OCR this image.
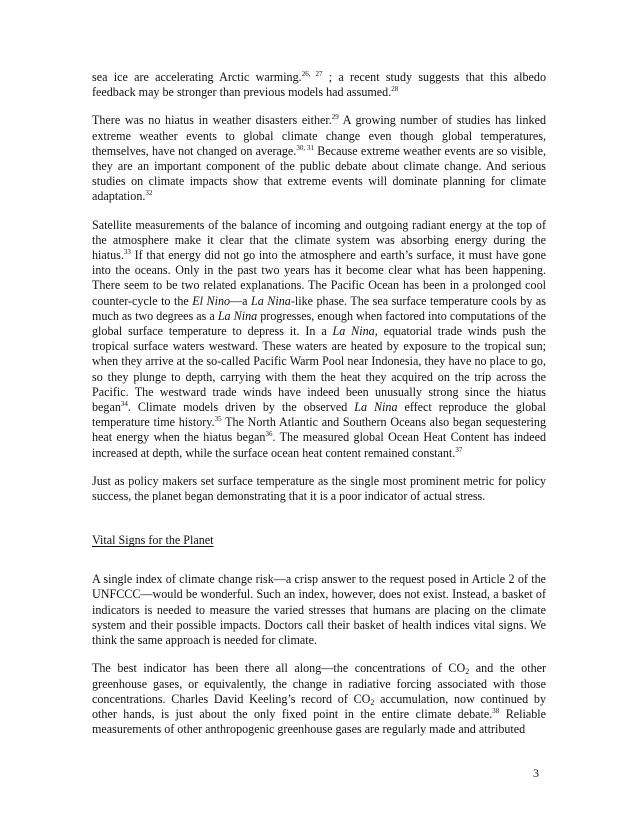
sea ice are accelerating Arctic warming.$^{26, 27}$ ; a recent study suggests that this albedo feedback may be stronger than previous models had assumed.$^{28}$

There was no hiatus in weather disasters either.$^{29}$ A growing number of studies has linked extreme weather events to global climate change even though global temperatures, themselves, have not changed on average.$^{30, 31}$ Because extreme weather events are so visible, they are an important component of the public debate about climate change. And serious studies on climate impacts show that extreme events will dominate planning for climate adaptation.$^{32}$

Satellite measurements of the balance of incoming and outgoing radiant energy at the top of the atmosphere make it clear that the climate system was absorbing energy during the hiatus.$^{33}$ If that energy did not go into the atmosphere and earth’s surface, it must have gone into the oceans. Only in the past two years has it become clear what has been happening. There seem to be two related explanations. The Pacific Ocean has been in a prolonged cool counter-cycle to the El Nino—a La Nina-like phase. The sea surface temperature cools by as much as two degrees as a La Nina progresses, enough when factored into computations of the global surface temperature to depress it. In a La Nina, equatorial trade winds push the tropical surface waters westward. These waters are heated by exposure to the tropical sun; when they arrive at the so-called Pacific Warm Pool near Indonesia, they have no place to go, so they plunge to depth, carrying with them the heat they acquired on the trip across the Pacific. The westward trade winds have indeed been unusually strong since the hiatus began$^{34}$. Climate models driven by the observed La Nina effect reproduce the global temperature time history.$^{35}$ The North Atlantic and Southern Oceans also began sequestering heat energy when the hiatus began$^{36}$. The measured global Ocean Heat Content has indeed increased at depth, while the surface ocean heat content remained constant.$^{37}$

Just as policy makers set surface temperature as the single most prominent metric for policy success, the planet began demonstrating that it is a poor indicator of actual stress.

Vital Signs for the Planet

A single index of climate change risk—a crisp answer to the request posed in Article 2 of the UNFCCC—would be wonderful. Such an index, however, does not exist. Instead, a basket of indicators is needed to measure the varied stresses that humans are placing on the climate system and their possible impacts. Doctors call their basket of health indices vital signs. We think the same approach is needed for climate.

The best indicator has been there all along—the concentrations of $CO_2$ and the other greenhouse gases, or equivalently, the change in radiative forcing associated with those concentrations. Charles David Keeling’s record of $CO_2$ accumulation, now continued by other hands, is just about the only fixed point in the entire climate debate.$^{38}$ Reliable measurements of other anthropogenic greenhouse gases are regularly made and attributed

3
